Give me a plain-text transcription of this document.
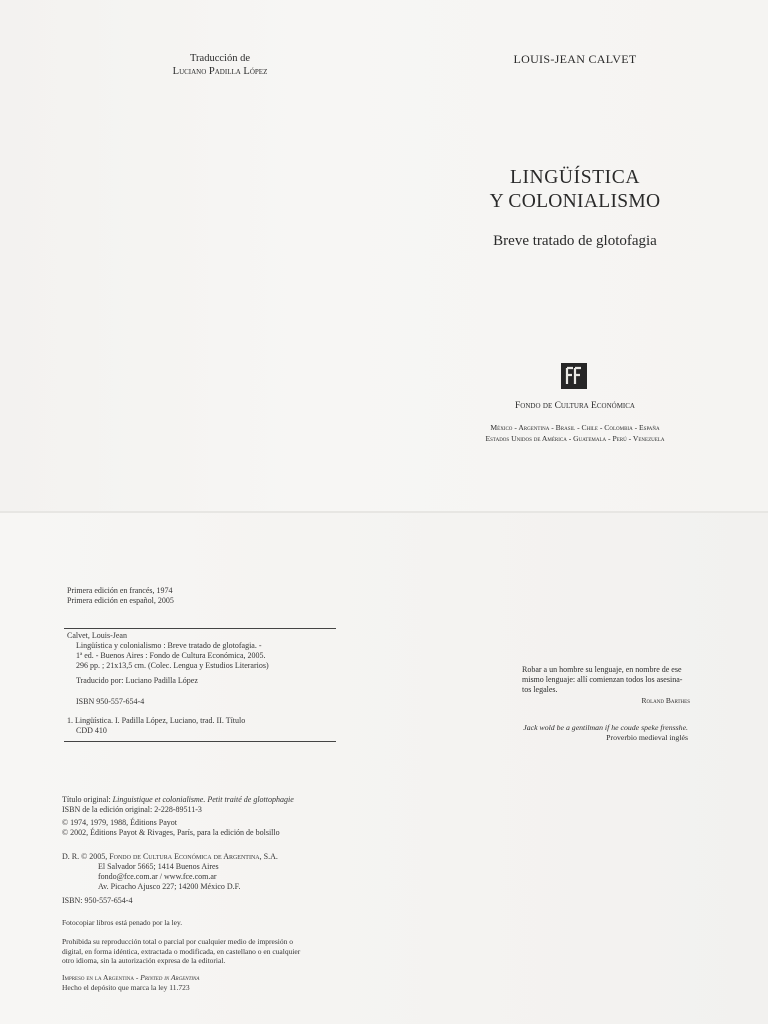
Traducción de
Luciano Padilla López
LOUIS-JEAN CALVET
LINGÜÍSTICA
Y COLONIALISMO
Breve tratado de glotofagia
Fondo de Cultura Económica
México - Argentina - Brasil - Chile - Colombia - España
Estados Unidos de América - Guatemala - Perú - Venezuela
Primera edición en francés, 1974
Primera edición en español, 2005
Calvet, Louis-Jean
Lingüística y colonialismo : Breve tratado de glotofagia. -
1ª ed. - Buenos Aires : Fondo de Cultura Económica, 2005.
296 pp. ; 21x13,5 cm. (Colec. Lengua y Estudios Literarios)
Traducido por: Luciano Padilla López
ISBN 950-557-654-4
1. Lingüística. I. Padilla López, Luciano, trad. II. Título
CDD 410
Título original: Linguistique et colonialisme. Petit traité de glottophagie
ISBN de la edición original: 2-228-89511-3
© 1974, 1979, 1988, Éditions Payot
© 2002, Éditions Payot & Rivages, París, para la edición de bolsillo
D. R. © 2005, Fondo de Cultura Económica de Argentina, S.A.
El Salvador 5665; 1414 Buenos Aires
fondo@fce.com.ar / www.fce.com.ar
Av. Picacho Ajusco 227; 14200 México D.F.
ISBN: 950-557-654-4
Fotocopiar libros está penado por la ley.
Prohibida su reproducción total o parcial por cualquier medio de impresión o
digital, en forma idéntica, extractada o modificada, en castellano o en cualquier
otro idioma, sin la autorización expresa de la editorial.
Impreso en la Argentina - Printed in Argentina
Hecho el depósito que marca la ley 11.723
Robar a un hombre su lenguaje, en nombre de ese
mismo lenguaje: allí comienzan todos los asesina-
tos legales.
Roland Barthes
Jack wold be a gentilman if he coude speke frensshe.
Proverbio medieval inglés
